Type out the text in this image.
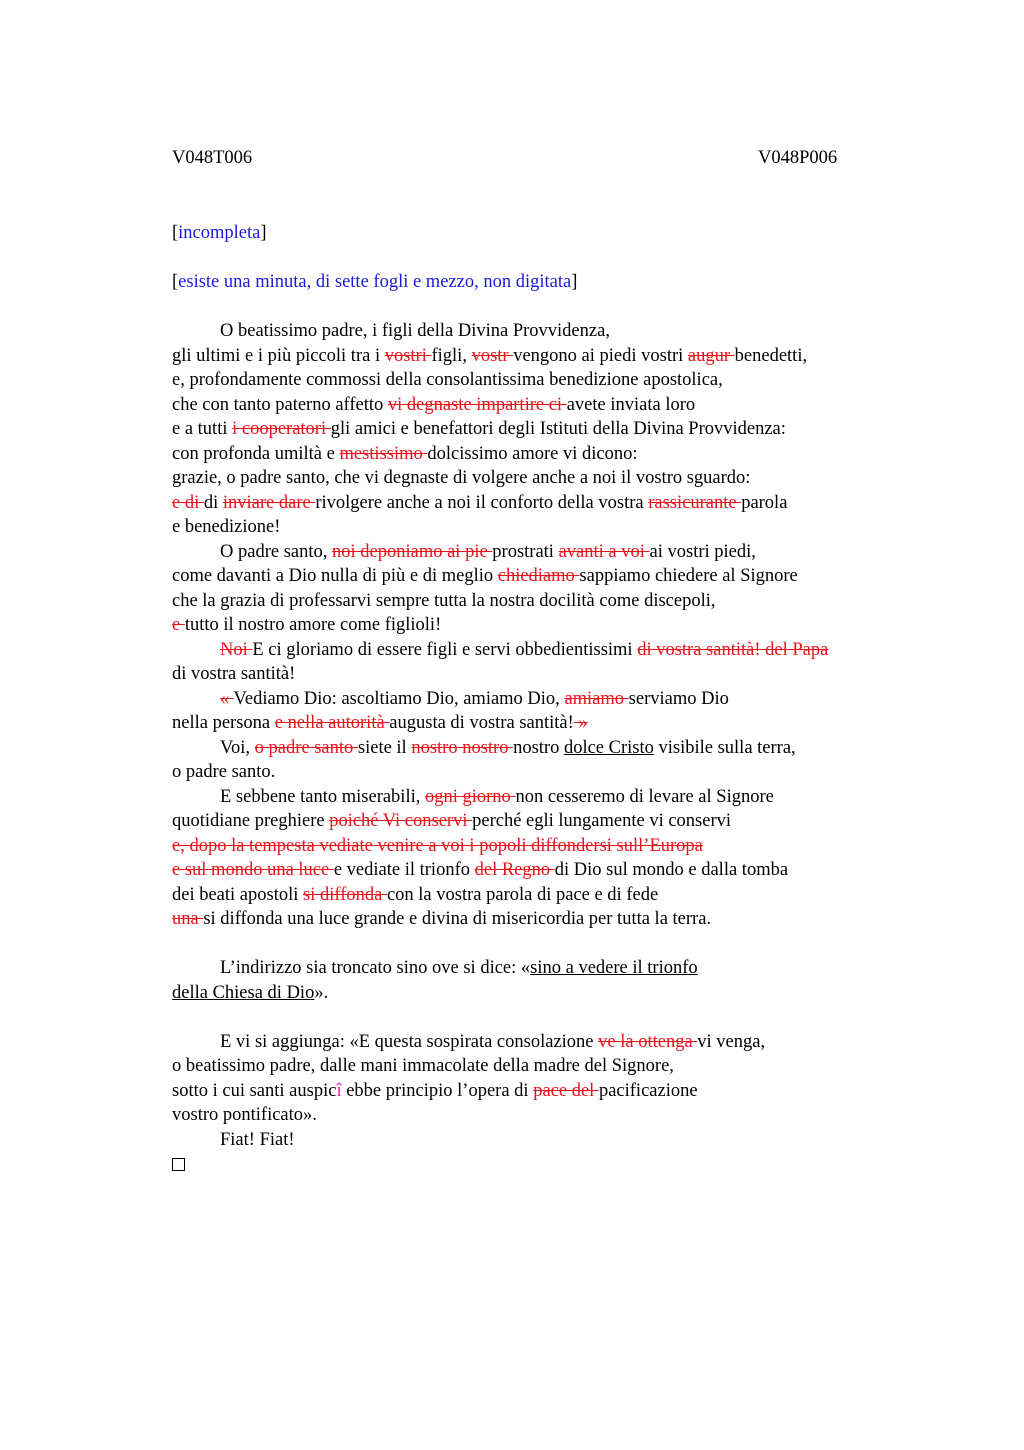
V048T006	V048P006

[incompleta]

[esiste una minuta, di sette fogli e mezzo, non digitata]

O beatissimo padre, i figli della Divina Provvidenza,

gli ultimi e i più piccoli tra i vostri figli, vostr vengono ai piedi vostri augur benedetti,

e, profondamente commossi della consolantissima benedizione apostolica,

che con tanto paterno affetto vi degnaste impartire ci avete inviata loro

e a tutti i cooperatori gli amici e benefattori degli Istituti della Divina Provvidenza:

con profonda umiltà e mestissimo dolcissimo amore vi dicono:

grazie, o padre santo, che vi degnaste di volgere anche a noi il vostro sguardo:

e di di inviare dare rivolgere anche a noi il conforto della vostra rassicurante parola

e benedizione!

O padre santo, noi deponiamo ai pie prostrati avanti a voi ai vostri piedi,

come davanti a Dio nulla di più e di meglio chiediamo sappiamo chiedere al Signore

che la grazia di professarvi sempre tutta la nostra docilità come discepoli,

e tutto il nostro amore come figlioli!

Noi E ci gloriamo di essere figli e servi obbedientissimi di vostra santità! del Papa

di vostra santità!

« Vediamo Dio: ascoltiamo Dio, amiamo Dio, amiamo serviamo Dio

nella persona e nella autorità augusta di vostra santità! »

Voi, o padre santo siete il nostro nostro nostro dolce Cristo visibile sulla terra,

o padre santo.

E sebbene tanto miserabili, ogni giorno non cesseremo di levare al Signore

quotidiane preghiere poiché Vi conservi perché egli lungamente vi conservi

e, dopo la tempesta vediate venire a voi i popoli diffondersi sull’Europa

e sul mondo una luce e vediate il trionfo del Regno di Dio sul mondo e dalla tomba

dei beati apostoli si diffonda con la vostra parola di pace e di fede

una si diffonda una luce grande e divina di misericordia per tutta la terra.

L’indirizzo sia troncato sino ove si dice: «sino a vedere il trionfo

della Chiesa di Dio».

E vi si aggiunga: «E questa sospirata consolazione ve la ottenga vi venga,

o beatissimo padre, dalle mani immacolate della madre del Signore,

sotto i cui santi auspicî ebbe principio l’opera di pace del pacificazione

vostro pontificato».

Fiat! Fiat!
